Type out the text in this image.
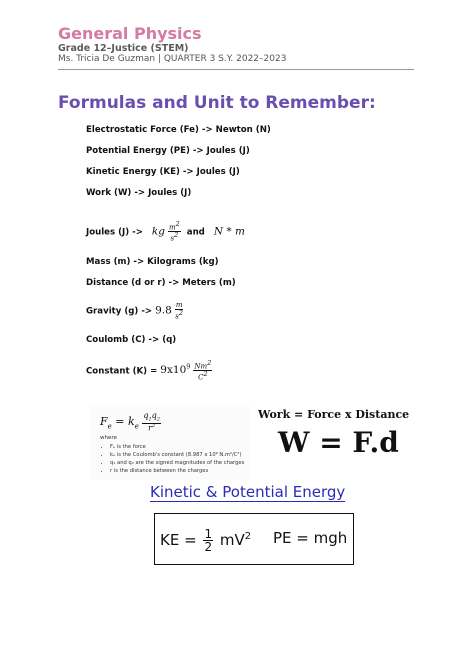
General Physics
Grade 12–Justice (STEM)
Ms. Tricia De Guzman | QUARTER 3 S.Y. 2022–2023
Formulas and Unit to Remember:
Electrostatic Force (Fe) -> Newton (N)
Potential Energy (PE) -> Joules (J)
Kinetic Energy (KE) -> Joules (J)
Work (W) -> Joules (J)
Joules (J) -> kg $\frac{m^2}{s^2}$ and N * m
Mass (m) -> Kilograms (kg)
Distance (d or r) -> Meters (m)
Gravity $(g) -> 9.8 \frac{m}{s^2}$
Coulomb (C) -> (q)
Constant $(K) = 9x10^9 \frac{Nm^2}{C^2}$
$F_e = k_e \frac{q_1q_2}{r^2}$
where
• Fₑ is the force
• kₑ is the Coulomb's constant (8.987 x 10⁹ N.m²/C²)
• q₁ and q₂ are the signed magnitudes of the charges
• r is the distance between the charges
Work = Force x Distance
W = F.d
Kinetic & Potential Energy
KE = $\frac{1}{2} mV^2$ PE = mgh
